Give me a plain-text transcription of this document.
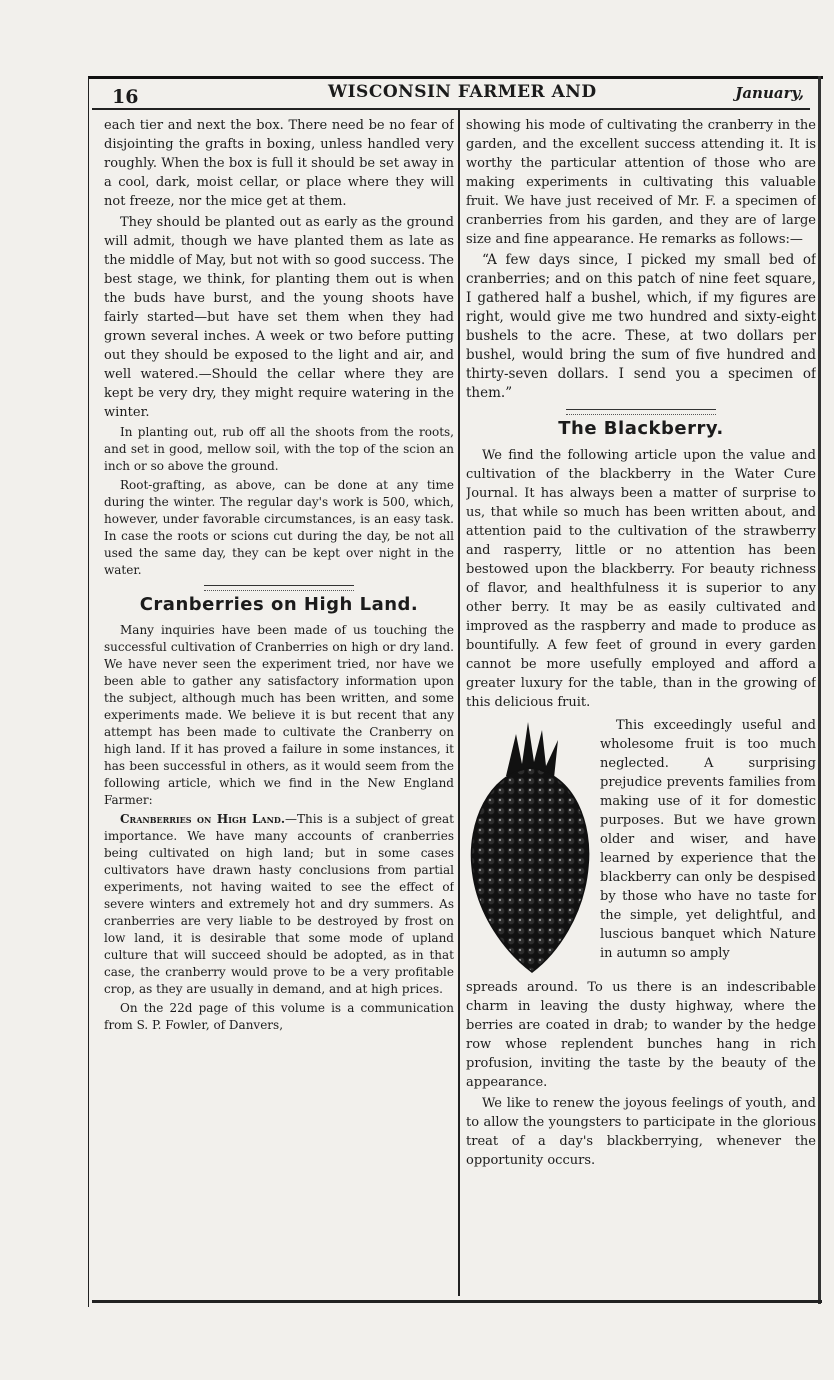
16	WISCONSIN FARMER AND	January,

each tier and next the box. There need be no fear of disjointing the grafts in boxing, unless handled very roughly. When the box is full it should be set away in a cool, dark, moist cellar, or place where they will not freeze, nor the mice get at them.

They should be planted out as early as the ground will admit, though we have planted them as late as the middle of May, but not with so good success. The best stage, we think, for planting them out is when the buds have burst, and the young shoots have fairly started—but have set them when they had grown several inches. A week or two before putting out they should be exposed to the light and air, and well watered.—Should the cellar where they are kept be very dry, they might require watering in the winter.

In planting out, rub off all the shoots from the roots, and set in good, mellow soil, with the top of the scion an inch or so above the ground.

Root-grafting, as above, can be done at any time during the winter. The regular day's work is 500, which, however, under favorable circumstances, is an easy task. In case the roots or scions cut during the day, be not all used the same day, they can be kept over night in the water.

Cranberries on High Land.

Many inquiries have been made of us touching the successful cultivation of Cranberries on high or dry land. We have never seen the experiment tried, nor have we been able to gather any satisfactory information upon the subject, although much has been written, and some experiments made. We believe it is but recent that any attempt has been made to cultivate the Cranberry on high land. If it has proved a failure in some instances, it has been successful in others, as it would seem from the following article, which we find in the New England Farmer:

Cranberries on High Land.—This is a subject of great importance. We have many accounts of cranberries being cultivated on high land; but in some cases cultivators have drawn hasty conclusions from partial experiments, not having waited to see the effect of severe winters and extremely hot and dry summers. As cranberries are very liable to be destroyed by frost on low land, it is desirable that some mode of upland culture that will succeed should be adopted, as in that case, the cranberry would prove to be a very profitable crop, as they are usually in demand, and at high prices.

On the 22d page of this volume is a communication from S. P. Fowler, of Danvers,

showing his mode of cultivating the cranberry in the garden, and the excellent success attending it. It is worthy the particular attention of those who are making experiments in cultivating this valuable fruit. We have just received of Mr. F. a specimen of cranberries from his garden, and they are of large size and fine appearance. He remarks as follows:—

“A few days since, I picked my small bed of cranberries; and on this patch of nine feet square, I gathered half a bushel, which, if my figures are right, would give me two hundred and sixty-eight bushels to the acre. These, at two dollars per bushel, would bring the sum of five hundred and thirty-seven dollars. I send you a specimen of them.”

The Blackberry.

We find the following article upon the value and cultivation of the blackberry in the Water Cure Journal. It has always been a matter of surprise to us, that while so much has been written about, and attention paid to the cultivation of the strawberry and rasperry, little or no attention has been bestowed upon the blackberry. For beauty richness of flavor, and healthfulness it is superior to any other berry. It may be as easily cultivated and improved as the raspberry and made to produce as bountifully. A few feet of ground in every garden cannot be more usefully employed and afford a greater luxury for the table, than in the growing of this delicious fruit.

This exceedingly useful and wholesome fruit is too much neglected. A surprising prejudice prevents families from making use of it for domestic purposes. But we have grown older and wiser, and have learned by experience that the blackberry can only be despised by those who have no taste for the simple, yet delightful, and luscious banquet which Nature in autumn so amply

spreads around. To us there is an indescribable charm in leaving the dusty highway, where the berries are coated in drab; to wander by the hedge row whose replendent bunches hang in rich profusion, inviting the taste by the beauty of the appearance.

We like to renew the joyous feelings of youth, and to allow the youngsters to participate in the glorious treat of a day's blackberrying, whenever the opportunity occurs.
